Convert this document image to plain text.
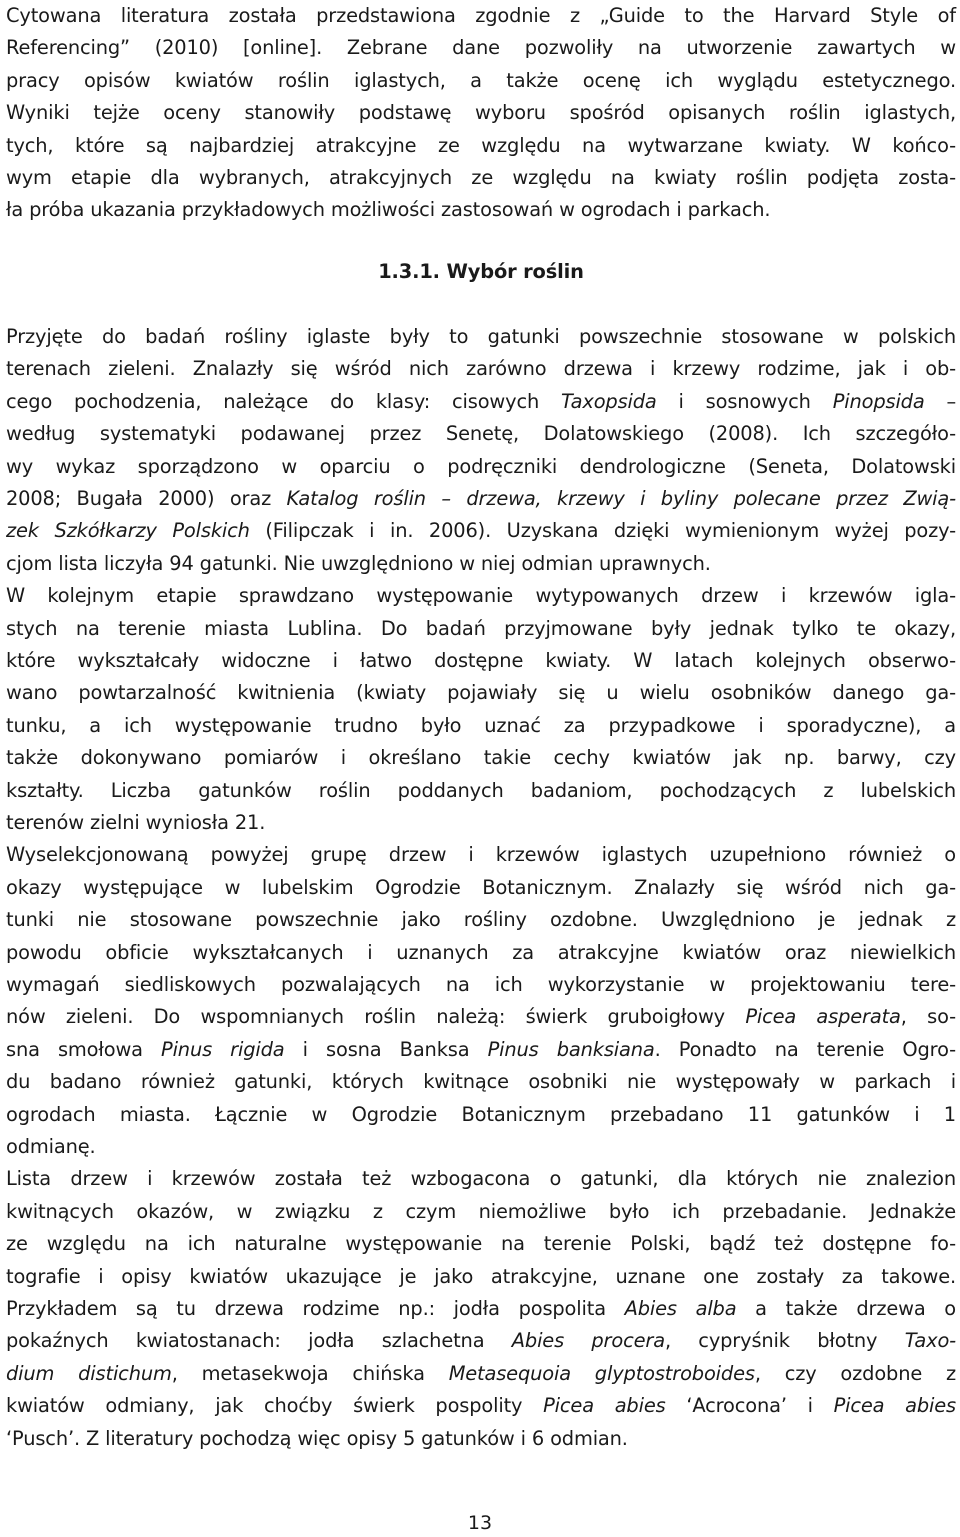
Cytowana literatura została przedstawiona zgodnie z „Guide to the Harvard Style of
Referencing” (2010) [online]. Zebrane dane pozwoliły na utworzenie zawartych w
pracy opisów kwiatów roślin iglastych, a także ocenę ich wyglądu estetycznego.
Wyniki tejże oceny stanowiły podstawę wyboru spośród opisanych roślin iglastych,
tych, które są najbardziej atrakcyjne ze względu na wytwarzane kwiaty. W końco-
wym etapie dla wybranych, atrakcyjnych ze względu na kwiaty roślin podjęta zosta-
ła próba ukazania przykładowych możliwości zastosowań w ogrodach i parkach.
1.3.1. Wybór roślin
Przyjęte do badań rośliny iglaste były to gatunki powszechnie stosowane w polskich
terenach zieleni. Znalazły się wśród nich zarówno drzewa i krzewy rodzime, jak i ob-
cego pochodzenia, należące do klasy: cisowych Taxopsida i sosnowych Pinopsida –
według systematyki podawanej przez Senetę, Dolatowskiego (2008). Ich szczegóło-
wy wykaz sporządzono w oparciu o podręczniki dendrologiczne (Seneta, Dolatowski
2008; Bugała 2000) oraz Katalog roślin – drzewa, krzewy i byliny polecane przez Zwią-
zek Szkółkarzy Polskich (Filipczak i in. 2006). Uzyskana dzięki wymienionym wyżej pozy-
cjom lista liczyła 94 gatunki. Nie uwzględniono w niej odmian uprawnych.
W kolejnym etapie sprawdzano występowanie wytypowanych drzew i krzewów igla-
stych na terenie miasta Lublina. Do badań przyjmowane były jednak tylko te okazy,
które wykształcały widoczne i łatwo dostępne kwiaty. W latach kolejnych obserwo-
wano powtarzalność kwitnienia (kwiaty pojawiały się u wielu osobników danego ga-
tunku, a ich występowanie trudno było uznać za przypadkowe i sporadyczne), a
także dokonywano pomiarów i określano takie cechy kwiatów jak np. barwy, czy
kształty. Liczba gatunków roślin poddanych badaniom, pochodzących z lubelskich
terenów zielni wyniosła 21.
Wyselekcjonowaną powyżej grupę drzew i krzewów iglastych uzupełniono również o
okazy występujące w lubelskim Ogrodzie Botanicznym. Znalazły się wśród nich ga-
tunki nie stosowane powszechnie jako rośliny ozdobne. Uwzględniono je jednak z
powodu obficie wykształcanych i uznanych za atrakcyjne kwiatów oraz niewielkich
wymagań siedliskowych pozwalających na ich wykorzystanie w projektowaniu tere-
nów zieleni. Do wspomnianych roślin należą: świerk gruboigłowy Picea asperata, so-
sna smołowa Pinus rigida i sosna Banksa Pinus banksiana. Ponadto na terenie Ogro-
du badano również gatunki, których kwitnące osobniki nie występowały w parkach i
ogrodach miasta. Łącznie w Ogrodzie Botanicznym przebadano 11 gatunków i 1
odmianę.
Lista drzew i krzewów została też wzbogacona o gatunki, dla których nie znalezion
kwitnących okazów, w związku z czym niemożliwe było ich przebadanie. Jednakże
ze względu na ich naturalne występowanie na terenie Polski, bądź też dostępne fo-
tografie i opisy kwiatów ukazujące je jako atrakcyjne, uznane one zostały za takowe.
Przykładem są tu drzewa rodzime np.: jodła pospolita Abies alba a także drzewa o
pokaźnych kwiatostanach: jodła szlachetna Abies procera, cypryśnik błotny Taxo-
dium distichum, metasekwoja chińska Metasequoia glyptostroboides, czy ozdobne z
kwiatów odmiany, jak choćby świerk pospolity Picea abies ‘Acrocona’ i Picea abies
‘Pusch’. Z literatury pochodzą więc opisy 5 gatunków i 6 odmian.
13
